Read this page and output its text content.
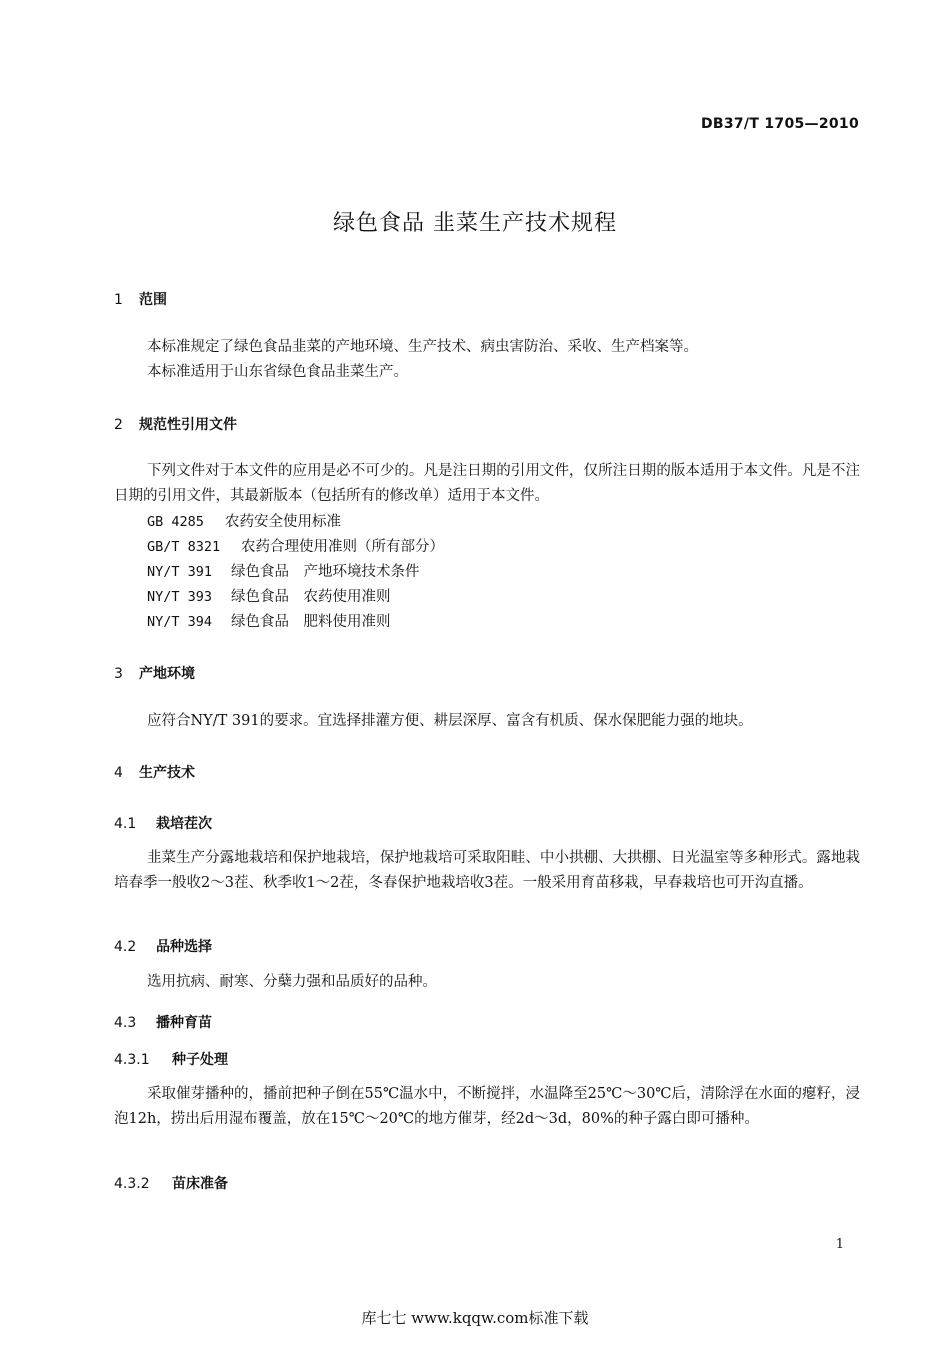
DB37/T 1705—2010
绿色食品 韭菜生产技术规程
1 范围
本标准规定了绿色食品韭菜的产地环境、生产技术、病虫害防治、采收、生产档案等。
本标准适用于山东省绿色食品韭菜生产。
2 规范性引用文件

下列文件对于本文件的应用是必不可少的。凡是注日期的引用文件，仅所注日期的版本适用于本文件。凡是不注日期的引用文件，其最新版本（包括所有的修改单）适用于本文件。

GB 4285 农药安全使用标准
GB/T 8321 农药合理使用准则（所有部分）
NY/T 391 绿色食品　产地环境技术条件
NY/T 393 绿色食品　农药使用准则
NY/T 394 绿色食品　肥料使用准则
3 产地环境
应符合NY/T 391的要求。宜选择排灌方便、耕层深厚、富含有机质、保水保肥能力强的地块。
4 生产技术
4.1 栽培茬次

韭菜生产分露地栽培和保护地栽培，保护地栽培可采取阳畦、中小拱棚、大拱棚、日光温室等多种形式。露地栽培春季一般收2～3茬、秋季收1～2茬，冬春保护地栽培收3茬。一般采用育苗移栽，早春栽培也可开沟直播。

4.2 品种选择
选用抗病、耐寒、分蘖力强和品质好的品种。
4.3 播种育苗
4.3.1 种子处理

采取催芽播种的，播前把种子倒在55℃温水中，不断搅拌，水温降至25℃～30℃后，清除浮在水面的瘪籽，浸泡12h，捞出后用湿布覆盖，放在15℃～20℃的地方催芽，经2d～3d，80%的种子露白即可播种。

4.3.2 苗床准备
1
库七七 www.kqqw.com标准下载
